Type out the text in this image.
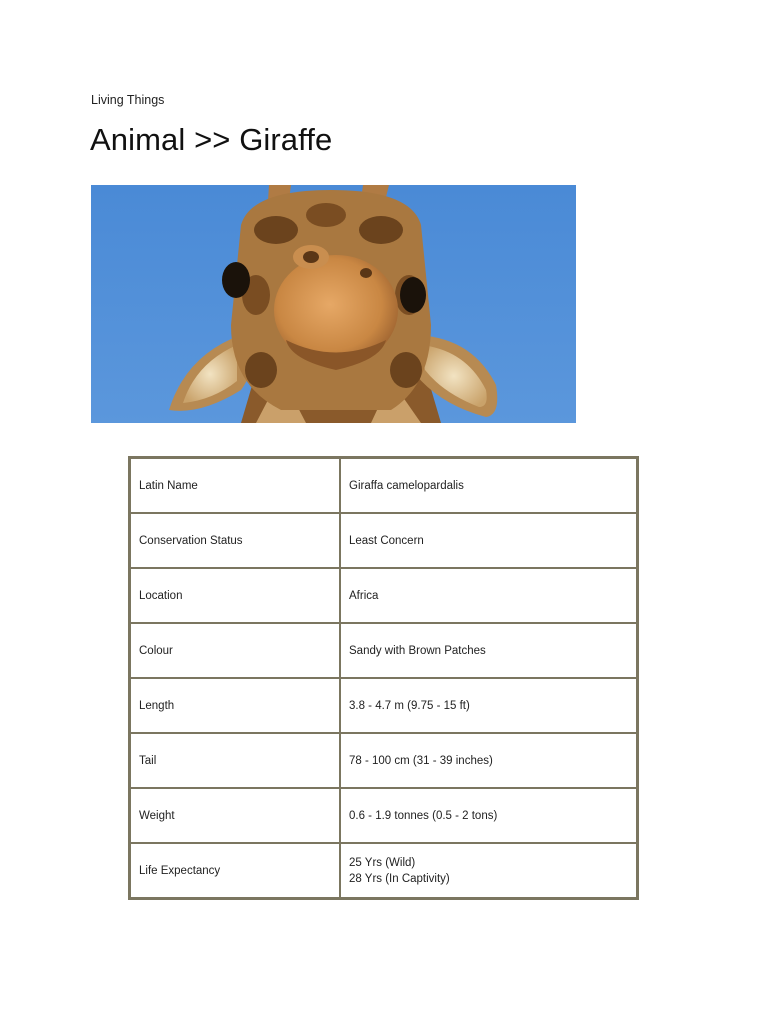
Living Things
Animal >> Giraffe
Latin Name	Giraffa camelopardalis
Conservation Status	Least Concern
Location	Africa
Colour	Sandy with Brown Patches
Length	3.8 - 4.7 m (9.75 - 15 ft)
Tail	78 - 100 cm (31 - 39 inches)
Weight	0.6 - 1.9 tonnes (0.5 - 2 tons)
Life Expectancy	25 Yrs (Wild)
28 Yrs (In Captivity)
